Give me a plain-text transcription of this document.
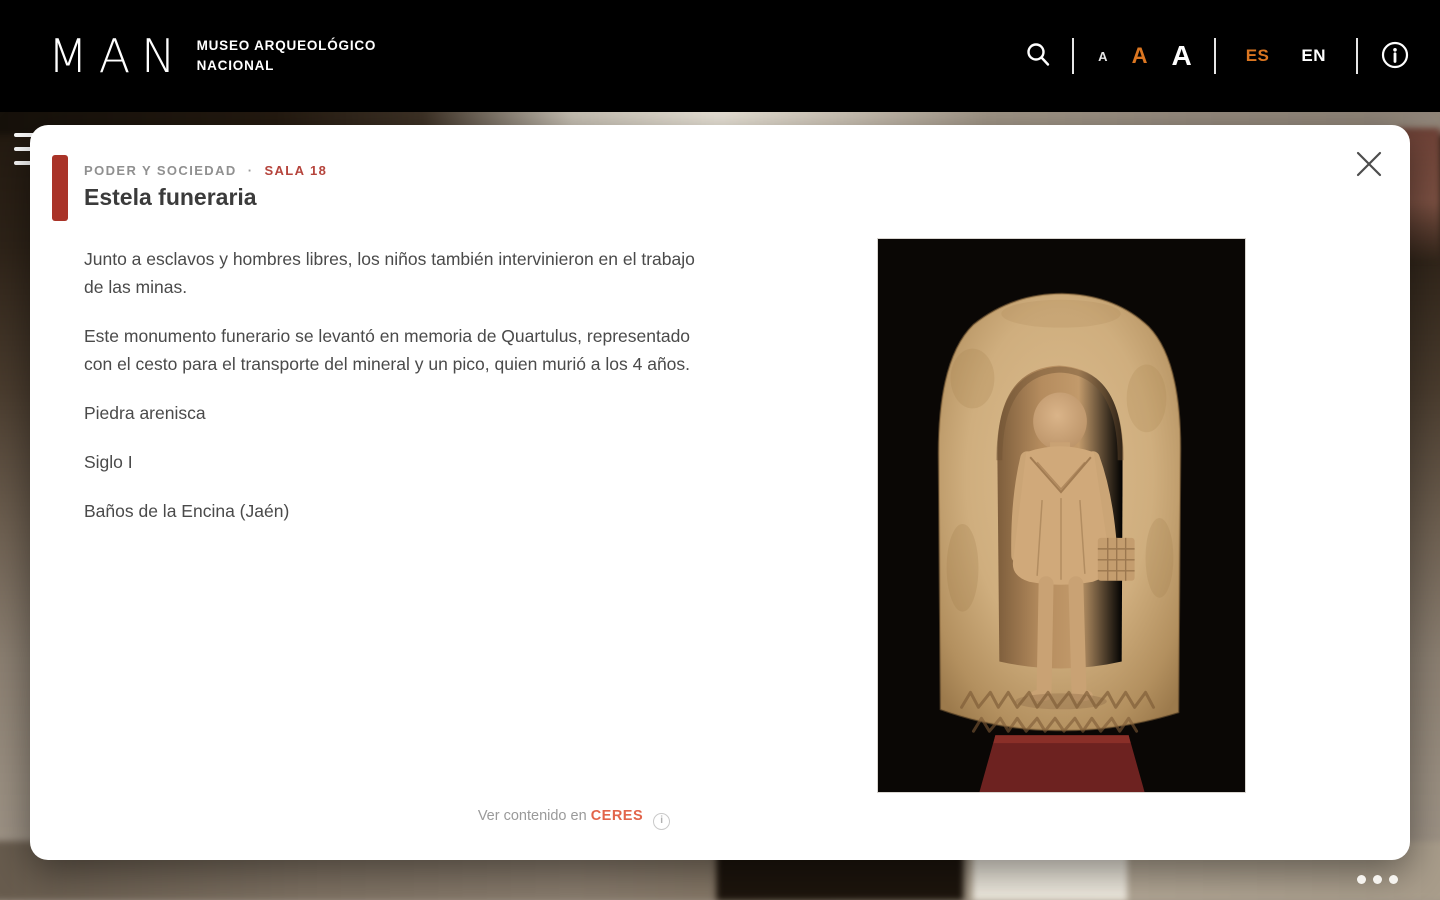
MAN MUSEO ARQUEOLÓGICO
NACIONAL
A A A	ES EN
PODER Y SOCIEDAD · SALA 18
Estela funeraria

Junto a esclavos y hombres libres, los niños también intervinieron en el trabajo de las minas.

Este monumento funerario se levantó en memoria de Quartulus, representado con el cesto para el transporte del mineral y un pico, quien murió a los 4 años.

Piedra arenisca

Siglo I

Baños de la Encina (Jaén)

Ver contenido en CERES i
